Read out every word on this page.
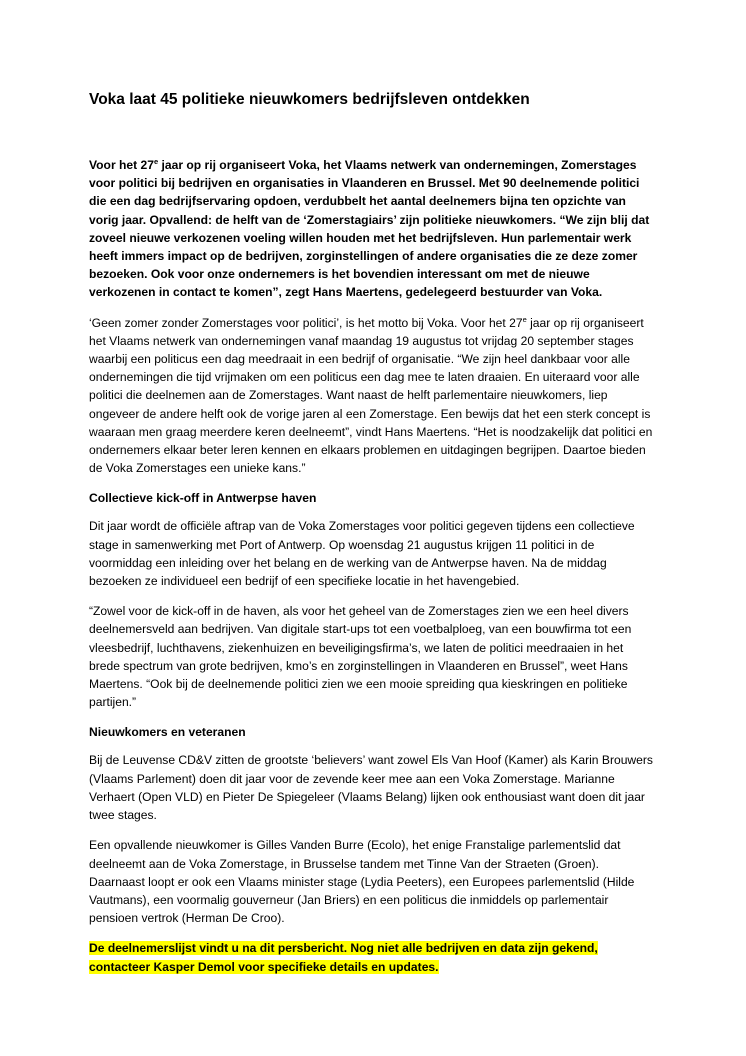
Voka laat 45 politieke nieuwkomers bedrijfsleven ontdekken

Voor het 27e jaar op rij organiseert Voka, het Vlaams netwerk van ondernemingen, Zomerstages voor politici bij bedrijven en organisaties in Vlaanderen en Brussel. Met 90 deelnemende politici die een dag bedrijfservaring opdoen, verdubbelt het aantal deelnemers bijna ten opzichte van vorig jaar. Opvallend: de helft van de ‘Zomerstagiairs’ zijn politieke nieuwkomers. “We zijn blij dat zoveel nieuwe verkozenen voeling willen houden met het bedrijfsleven. Hun parlementair werk heeft immers impact op de bedrijven, zorginstellingen of andere organisaties die ze deze zomer bezoeken. Ook voor onze ondernemers is het bovendien interessant om met de nieuwe verkozenen in contact te komen”, zegt Hans Maertens, gedelegeerd bestuurder van Voka.

‘Geen zomer zonder Zomerstages voor politici’, is het motto bij Voka. Voor het 27e jaar op rij organiseert het Vlaams netwerk van ondernemingen vanaf maandag 19 augustus tot vrijdag 20 september stages waarbij een politicus een dag meedraait in een bedrijf of organisatie. “We zijn heel dankbaar voor alle ondernemingen die tijd vrijmaken om een politicus een dag mee te laten draaien. En uiteraard voor alle politici die deelnemen aan de Zomerstages. Want naast de helft parlementaire nieuwkomers, liep ongeveer de andere helft ook de vorige jaren al een Zomerstage. Een bewijs dat het een sterk concept is waaraan men graag meerdere keren deelneemt”, vindt Hans Maertens. “Het is noodzakelijk dat politici en ondernemers elkaar beter leren kennen en elkaars problemen en uitdagingen begrijpen. Daartoe bieden de Voka Zomerstages een unieke kans.”

Collectieve kick-off in Antwerpse haven

Dit jaar wordt de officiële aftrap van de Voka Zomerstages voor politici gegeven tijdens een collectieve stage in samenwerking met Port of Antwerp. Op woensdag 21 augustus krijgen 11 politici in de voormiddag een inleiding over het belang en de werking van de Antwerpse haven. Na de middag bezoeken ze individueel een bedrijf of een specifieke locatie in het havengebied.

“Zowel voor de kick-off in de haven, als voor het geheel van de Zomerstages zien we een heel divers deelnemersveld aan bedrijven. Van digitale start-ups tot een voetbalploeg, van een bouwfirma tot een vleesbedrijf, luchthavens, ziekenhuizen en beveiligingsfirma’s, we laten de politici meedraaien in het brede spectrum van grote bedrijven, kmo’s en zorginstellingen in Vlaanderen en Brussel”, weet Hans Maertens. “Ook bij de deelnemende politici zien we een mooie spreiding qua kieskringen en politieke partijen.”

Nieuwkomers en veteranen

Bij de Leuvense CD&V zitten de grootste ‘believers’ want zowel Els Van Hoof (Kamer) als Karin Brouwers (Vlaams Parlement) doen dit jaar voor de zevende keer mee aan een Voka Zomerstage. Marianne Verhaert (Open VLD) en Pieter De Spiegeleer (Vlaams Belang) lijken ook enthousiast want doen dit jaar twee stages.

Een opvallende nieuwkomer is Gilles Vanden Burre (Ecolo), het enige Franstalige parlementslid dat deelneemt aan de Voka Zomerstage, in Brusselse tandem met Tinne Van der Straeten (Groen). Daarnaast loopt er ook een Vlaams minister stage (Lydia Peeters), een Europees parlementslid (Hilde Vautmans), een voormalig gouverneur (Jan Briers) en een politicus die inmiddels op parlementair pensioen vertrok (Herman De Croo).

De deelnemerslijst vindt u na dit persbericht. Nog niet alle bedrijven en data zijn gekend, contacteer Kasper Demol voor specifieke details en updates.
